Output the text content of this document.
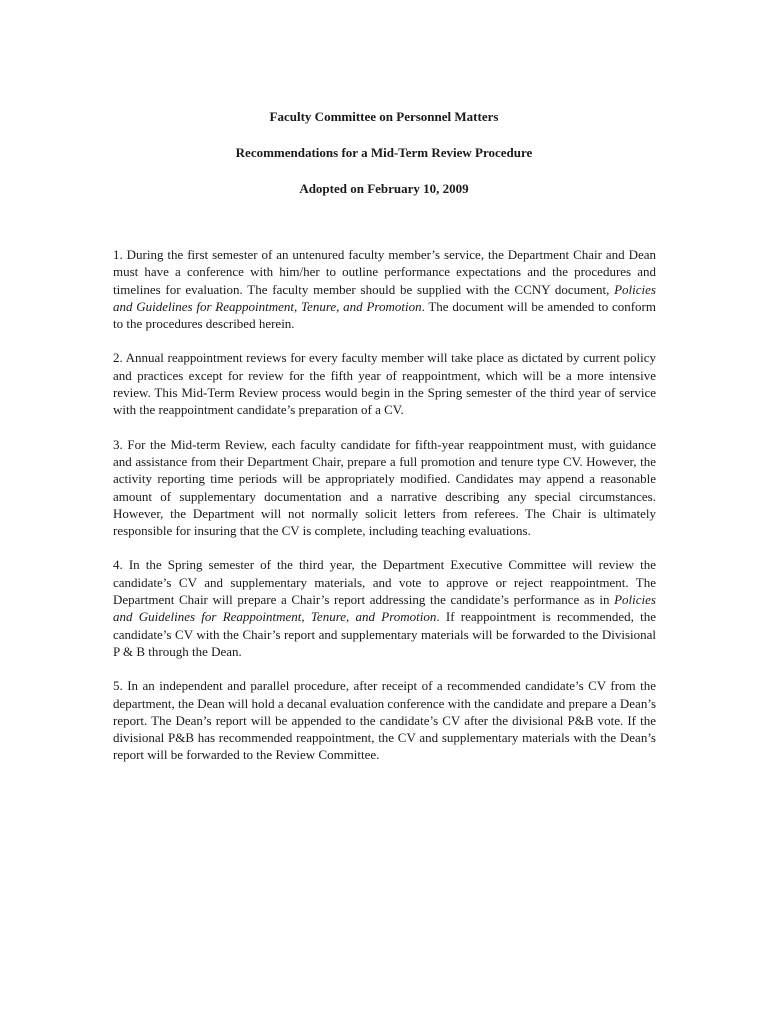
Faculty Committee on Personnel Matters
Recommendations for a Mid-Term Review Procedure
Adopted on February 10, 2009

1. During the first semester of an untenured faculty member’s service, the Department Chair and Dean must have a conference with him/her to outline performance expectations and the procedures and timelines for evaluation. The faculty member should be supplied with the CCNY document, Policies and Guidelines for Reappointment, Tenure, and Promotion. The document will be amended to conform to the procedures described herein.

2. Annual reappointment reviews for every faculty member will take place as dictated by current policy and practices except for review for the fifth year of reappointment, which will be a more intensive review. This Mid-Term Review process would begin in the Spring semester of the third year of service with the reappointment candidate’s preparation of a CV.

3. For the Mid-term Review, each faculty candidate for fifth-year reappointment must, with guidance and assistance from their Department Chair, prepare a full promotion and tenure type CV. However, the activity reporting time periods will be appropriately modified. Candidates may append a reasonable amount of supplementary documentation and a narrative describing any special circumstances. However, the Department will not normally solicit letters from referees. The Chair is ultimately responsible for insuring that the CV is complete, including teaching evaluations.

4. In the Spring semester of the third year, the Department Executive Committee will review the candidate’s CV and supplementary materials, and vote to approve or reject reappointment. The Department Chair will prepare a Chair’s report addressing the candidate’s performance as in Policies and Guidelines for Reappointment, Tenure, and Promotion. If reappointment is recommended, the candidate’s CV with the Chair’s report and supplementary materials will be forwarded to the Divisional P & B through the Dean.

5. In an independent and parallel procedure, after receipt of a recommended candidate’s CV from the department, the Dean will hold a decanal evaluation conference with the candidate and prepare a Dean’s report. The Dean’s report will be appended to the candidate’s CV after the divisional P&B vote. If the divisional P&B has recommended reappointment, the CV and supplementary materials with the Dean’s report will be forwarded to the Review Committee.
